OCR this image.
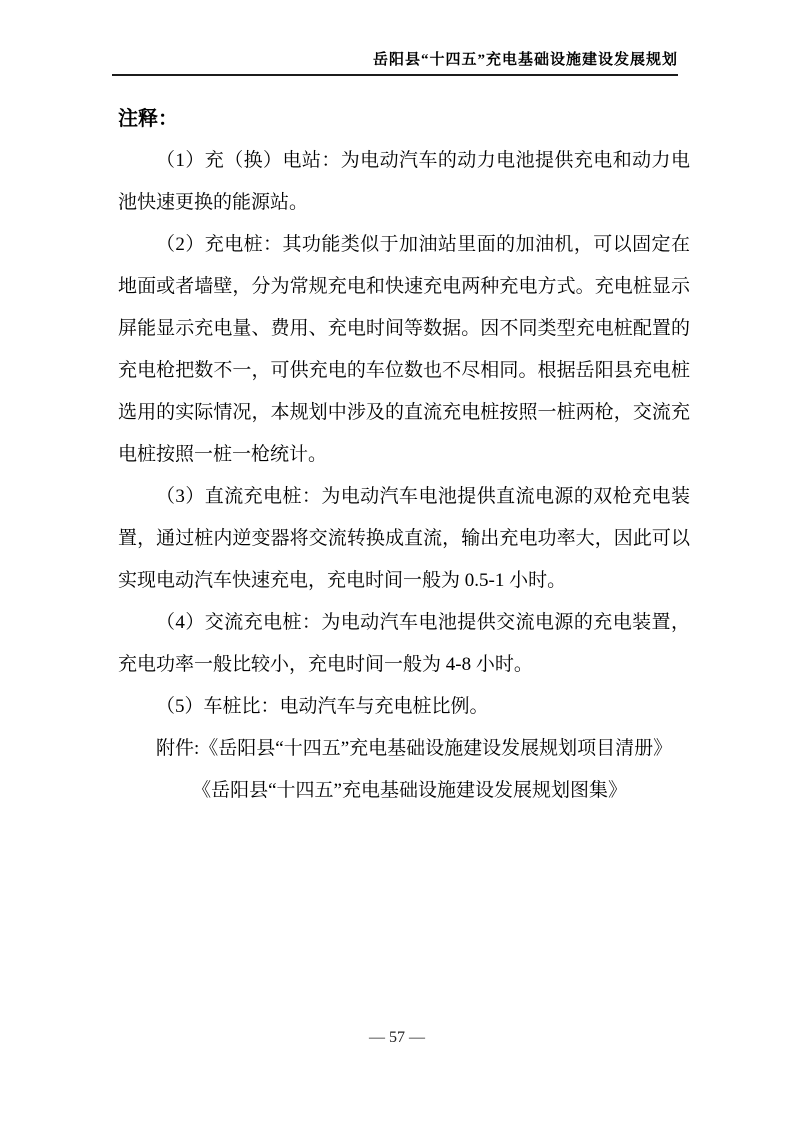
岳阳县“十四五”充电基础设施建设发展规划
注释：

（1）充（换）电站：为电动汽车的动力电池提供充电和动力电池快速更换的能源站。

（2）充电桩：其功能类似于加油站里面的加油机，可以固定在地面或者墙壁，分为常规充电和快速充电两种充电方式。充电桩显示屏能显示充电量、费用、充电时间等数据。因不同类型充电桩配置的充电枪把数不一，可供充电的车位数也不尽相同。根据岳阳县充电桩选用的实际情况，本规划中涉及的直流充电桩按照一桩两枪，交流充电桩按照一桩一枪统计。

（3）直流充电桩：为电动汽车电池提供直流电源的双枪充电装置，通过桩内逆变器将交流转换成直流，输出充电功率大，因此可以实现电动汽车快速充电，充电时间一般为 0.5-1 小时。

（4）交流充电桩：为电动汽车电池提供交流电源的充电装置，充电功率一般比较小，充电时间一般为 4-8 小时。

（5）车桩比：电动汽车与充电桩比例。

附件:《岳阳县“十四五”充电基础设施建设发展规划项目清册》

《岳阳县“十四五”充电基础设施建设发展规划图集》

— 57 —
